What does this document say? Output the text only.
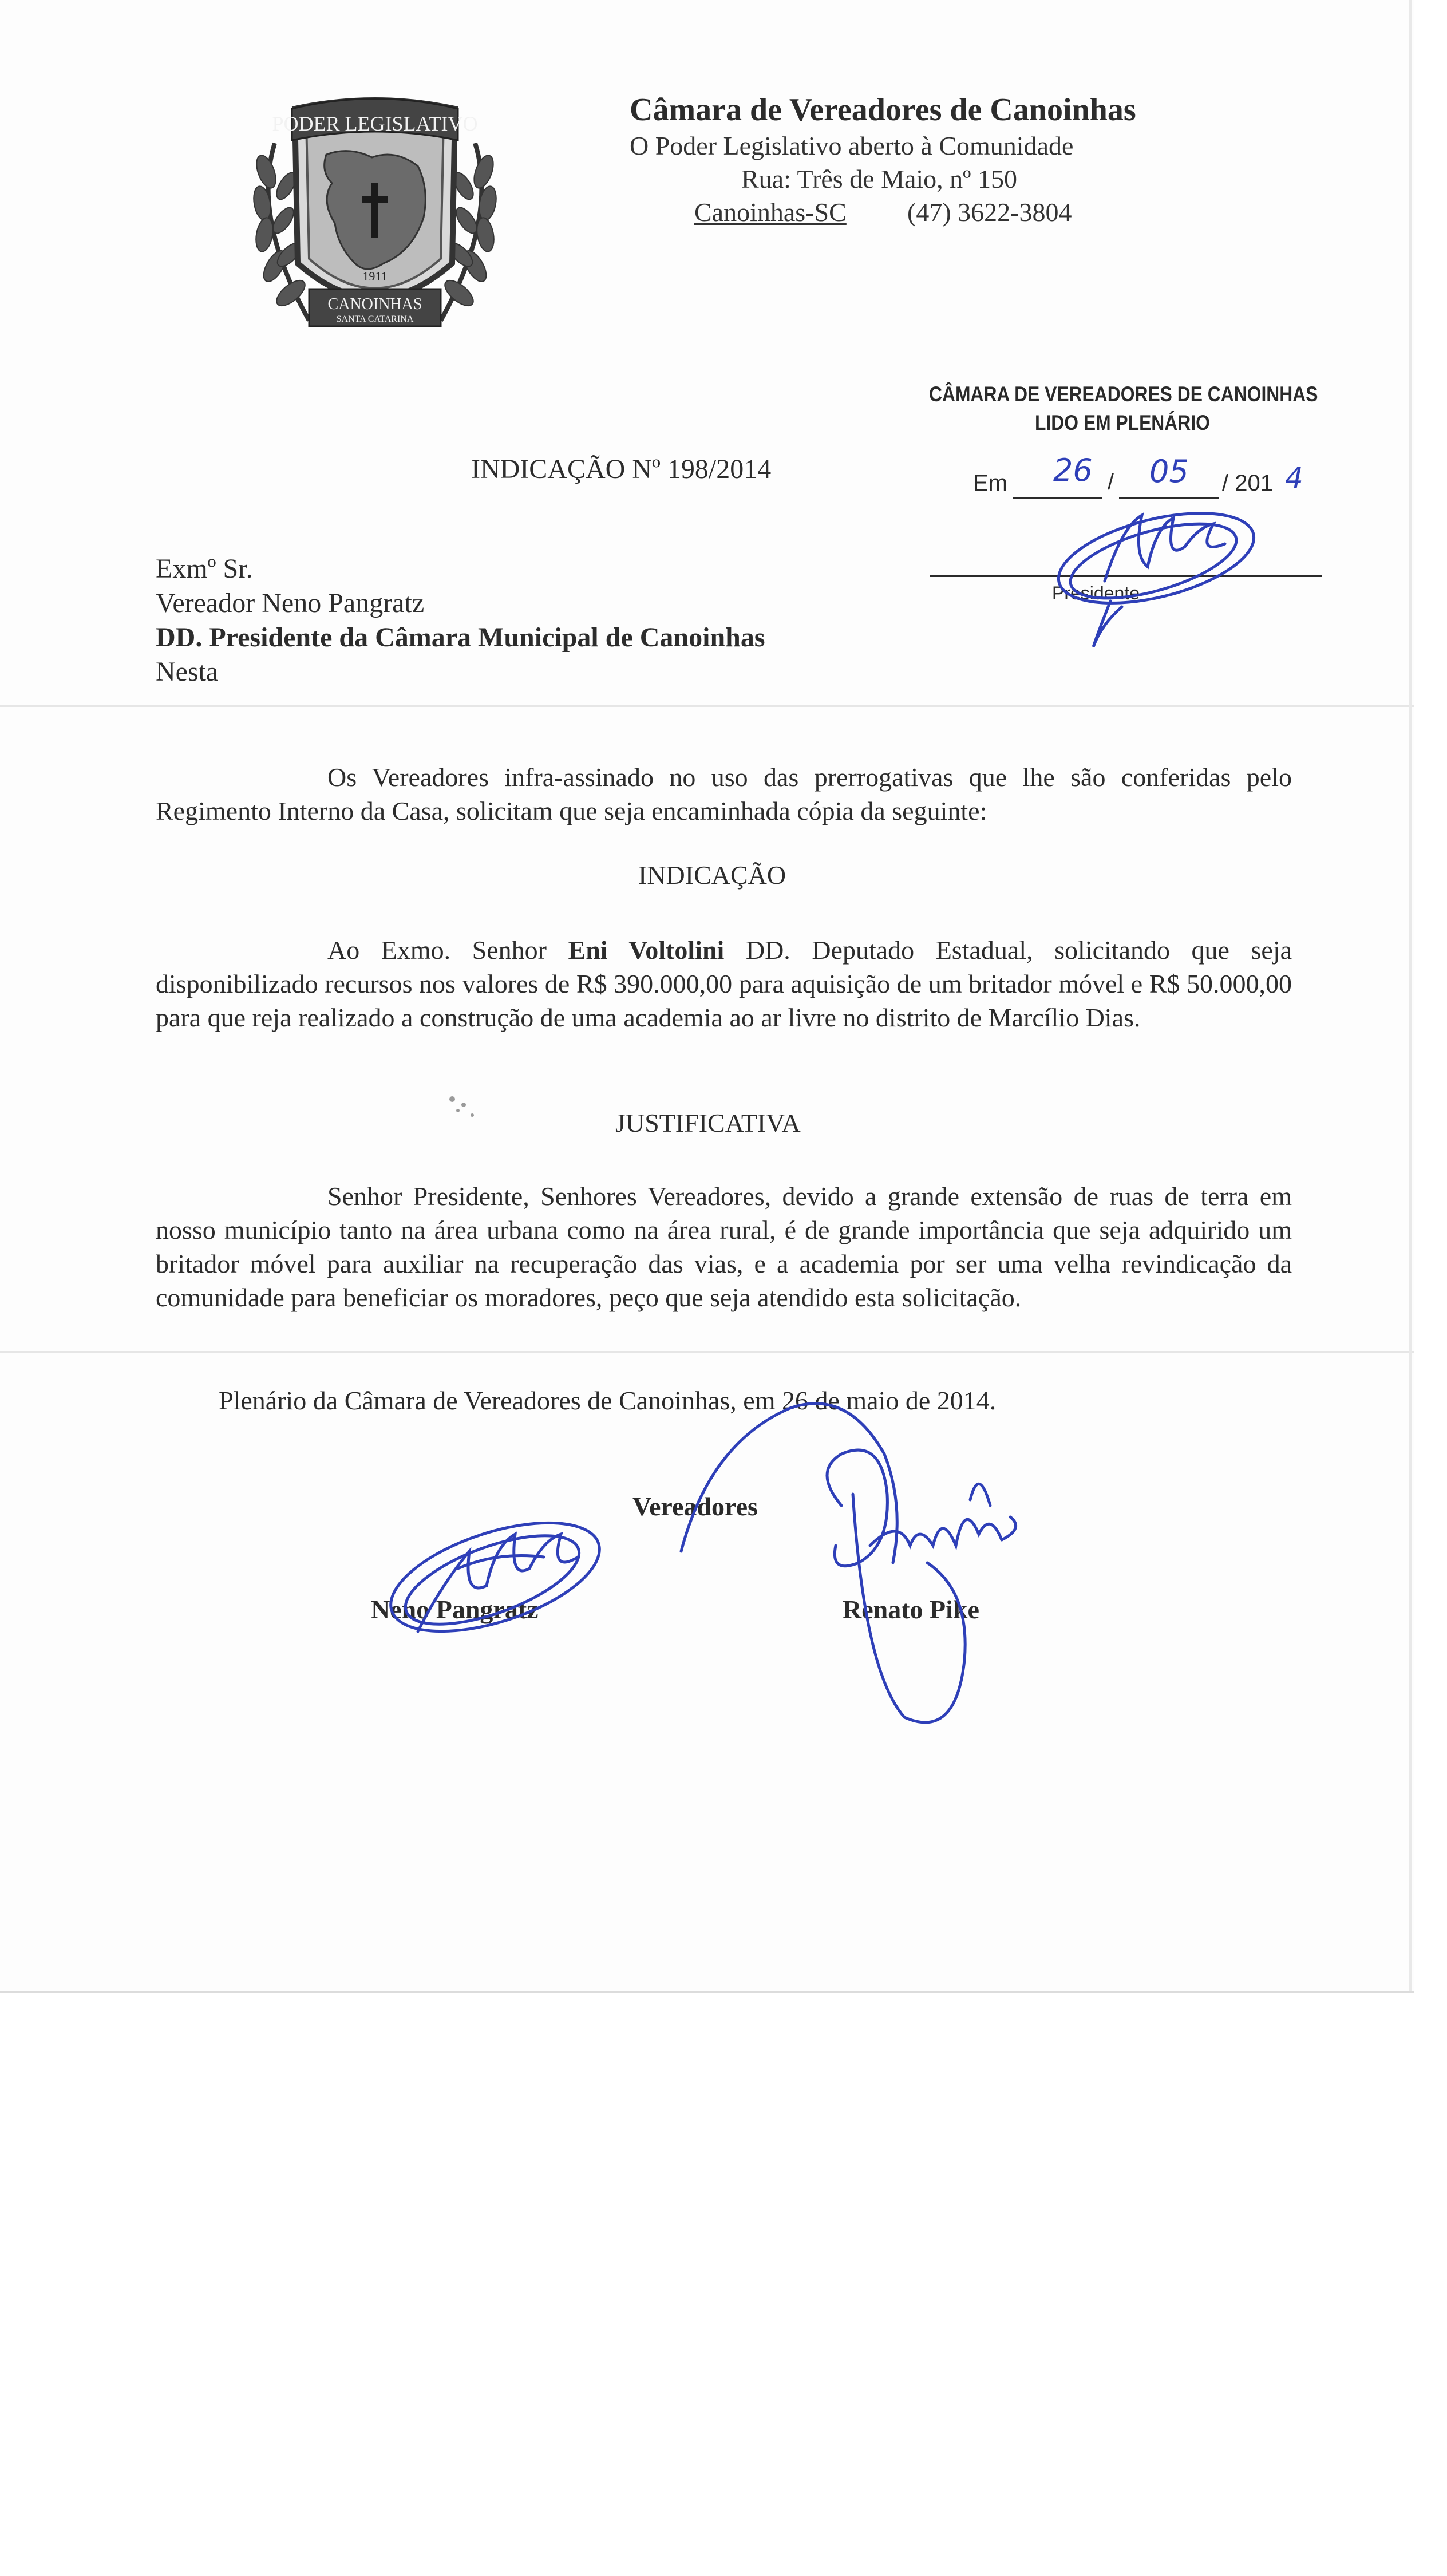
PODER LEGISLATIVO
1911
CANOINHAS
SANTA CATARINA
Câmara de Vereadores de Canoinhas
O Poder Legislativo aberto à Comunidade
Rua: Três de Maio, nº 150
Canoinhas-SC (47) 3622-3804
CÂMARA DE VEREADORES DE CANOINHAS
LIDO EM PLENÁRIO
Em	/	/ 201
26 05	4
Presidente
INDICAÇÃO Nº 198/2014
Exmº Sr.
Vereador Neno Pangratz
DD. Presidente da Câmara Municipal de Canoinhas
Nesta

Os Vereadores infra-assinado no uso das prerrogativas que lhe são conferidas pelo Regimento Interno da Casa, solicitam que seja encaminhada cópia da seguinte:

INDICAÇÃO

Ao Exmo. Senhor Eni Voltolini DD. Deputado Estadual, solicitando que seja disponibilizado recursos nos valores de R$ 390.000,00 para aquisição de um britador móvel e R$ 50.000,00 para que reja realizado a construção de uma academia ao ar livre no distrito de Marcílio Dias.

JUSTIFICATIVA

Senhor Presidente, Senhores Vereadores, devido a grande extensão de ruas de terra em nosso município tanto na área urbana como na área rural, é de grande importância que seja adquirido um britador móvel para auxiliar na recuperação das vias, e a academia por ser uma velha revindicação da comunidade para beneficiar os moradores, peço que seja atendido esta solicitação.

Plenário da Câmara de Vereadores de Canoinhas, em 26 de maio de 2014.
Vereadores
Neno Pangratz	Renato Pike
